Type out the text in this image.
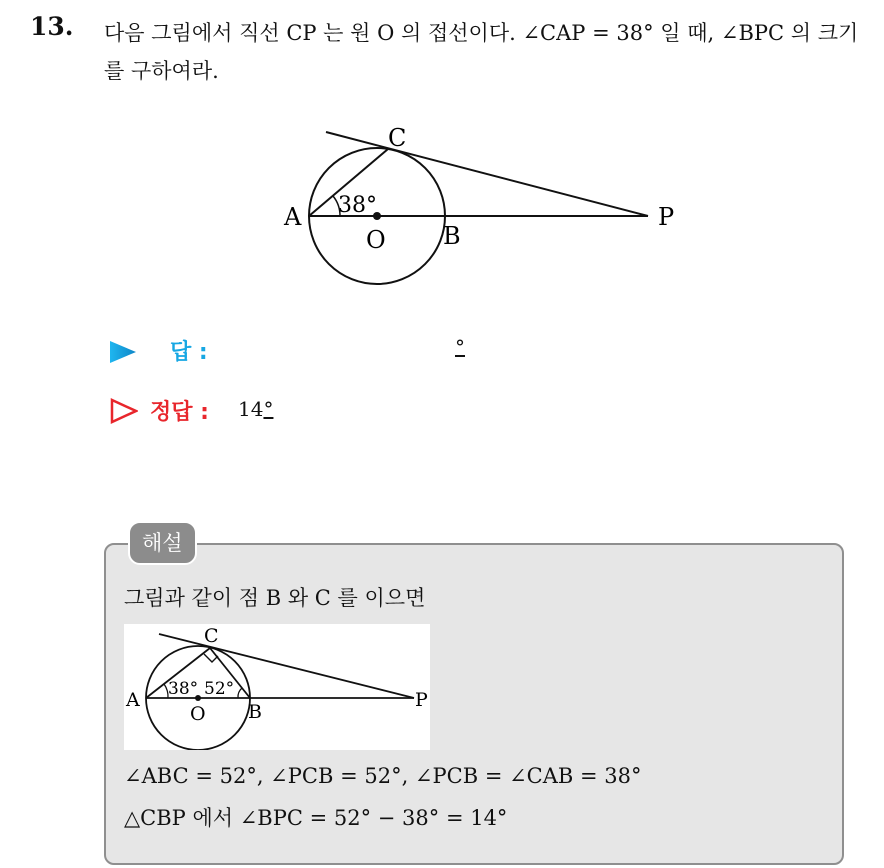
13. 다음 그림에서 직선 CP 는 원 O 의 접선이다. ∠CAP = 38° 일 때, ∠BPC 의 크기를 구하여라.
C
A 38°
O B
P
답 :	°
정답 : 14°
해설
그림과 같이 점 B 와 C 를 이으면
C
A 38° 52°
O B
P
∠ABC = 52°, ∠PCB = 52°, ∠PCB = ∠CAB = 38°
△CBP 에서 ∠BPC = 52° − 38° = 14°
